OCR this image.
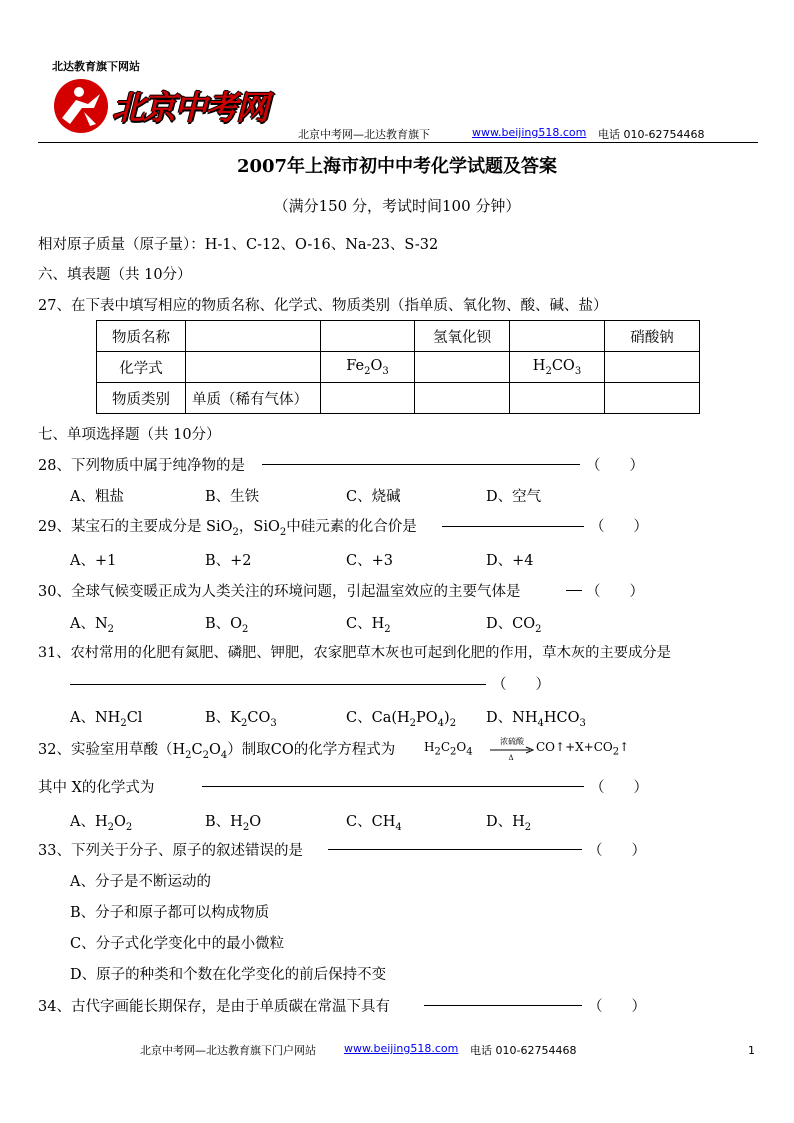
北达教育旗下网站
北京中考网
北京中考网—北达教育旗下	www.beijing518.com 电话 010-62754468
2007年上海市初中中考化学试题及答案
（满分150 分，考试时间100 分钟）
相对原子质量（原子量）：H-1、C-12、O-16、Na-23、S-32
六、填表题（共 10分）
27、在下表中填写相应的物质名称、化学式、物质类别（指单质、氧化物、酸、碱、盐）
物质名称			氢氧化钡		硝酸钠
化学式		$Fe_2O_3$		$H_2CO_3$	
物质类别	单质（稀有气体）				
七、单项选择题（共 10分）
28、下列物质中属于纯净物的是	（　　）
A、粗盐	B、生铁	C、烧碱	D、空气
29、某宝石的主要成分是 SiO$_2$，SiO$_2$中硅元素的化合价是	（　　）
A、+1	B、+2	C、+3	D、+4
30、全球气候变暖正成为人类关注的环境问题，引起温室效应的主要气体是	（　　）
A、$N_2$	B、$O_2$	C、$H_2$	D、$CO_2$
31、农村常用的化肥有氮肥、磷肥、钾肥，农家肥草木灰也可起到化肥的作用，草木灰的主要成分是
（　　）
A、$NH_2Cl$	B、$K_2CO_3$	C、$Ca(H_2PO_4)_2$ D、$NH_4HCO_3$
32、实验室用草酸$(H_2C_2O_4)$制取CO的化学方程式为 $H_2C_2O_4$
浓硫酸
Δ
$CO↑+X+CO_2↑$
其中 X的化学式为	（　　）
A、$H_2O_2$	B、$H_2O$	C、$CH_4$	D、$H_2$
33、下列关于分子、原子的叙述错误的是	（　　）
A、分子是不断运动的
B、分子和原子都可以构成物质
C、分子式化学变化中的最小微粒
D、原子的种类和个数在化学变化的前后保持不变
34、古代字画能长期保存，是由于单质碳在常温下具有	（　　）
北京中考网—北达教育旗下门户网站	www.beijing518.com 电话 010-62754468	1
